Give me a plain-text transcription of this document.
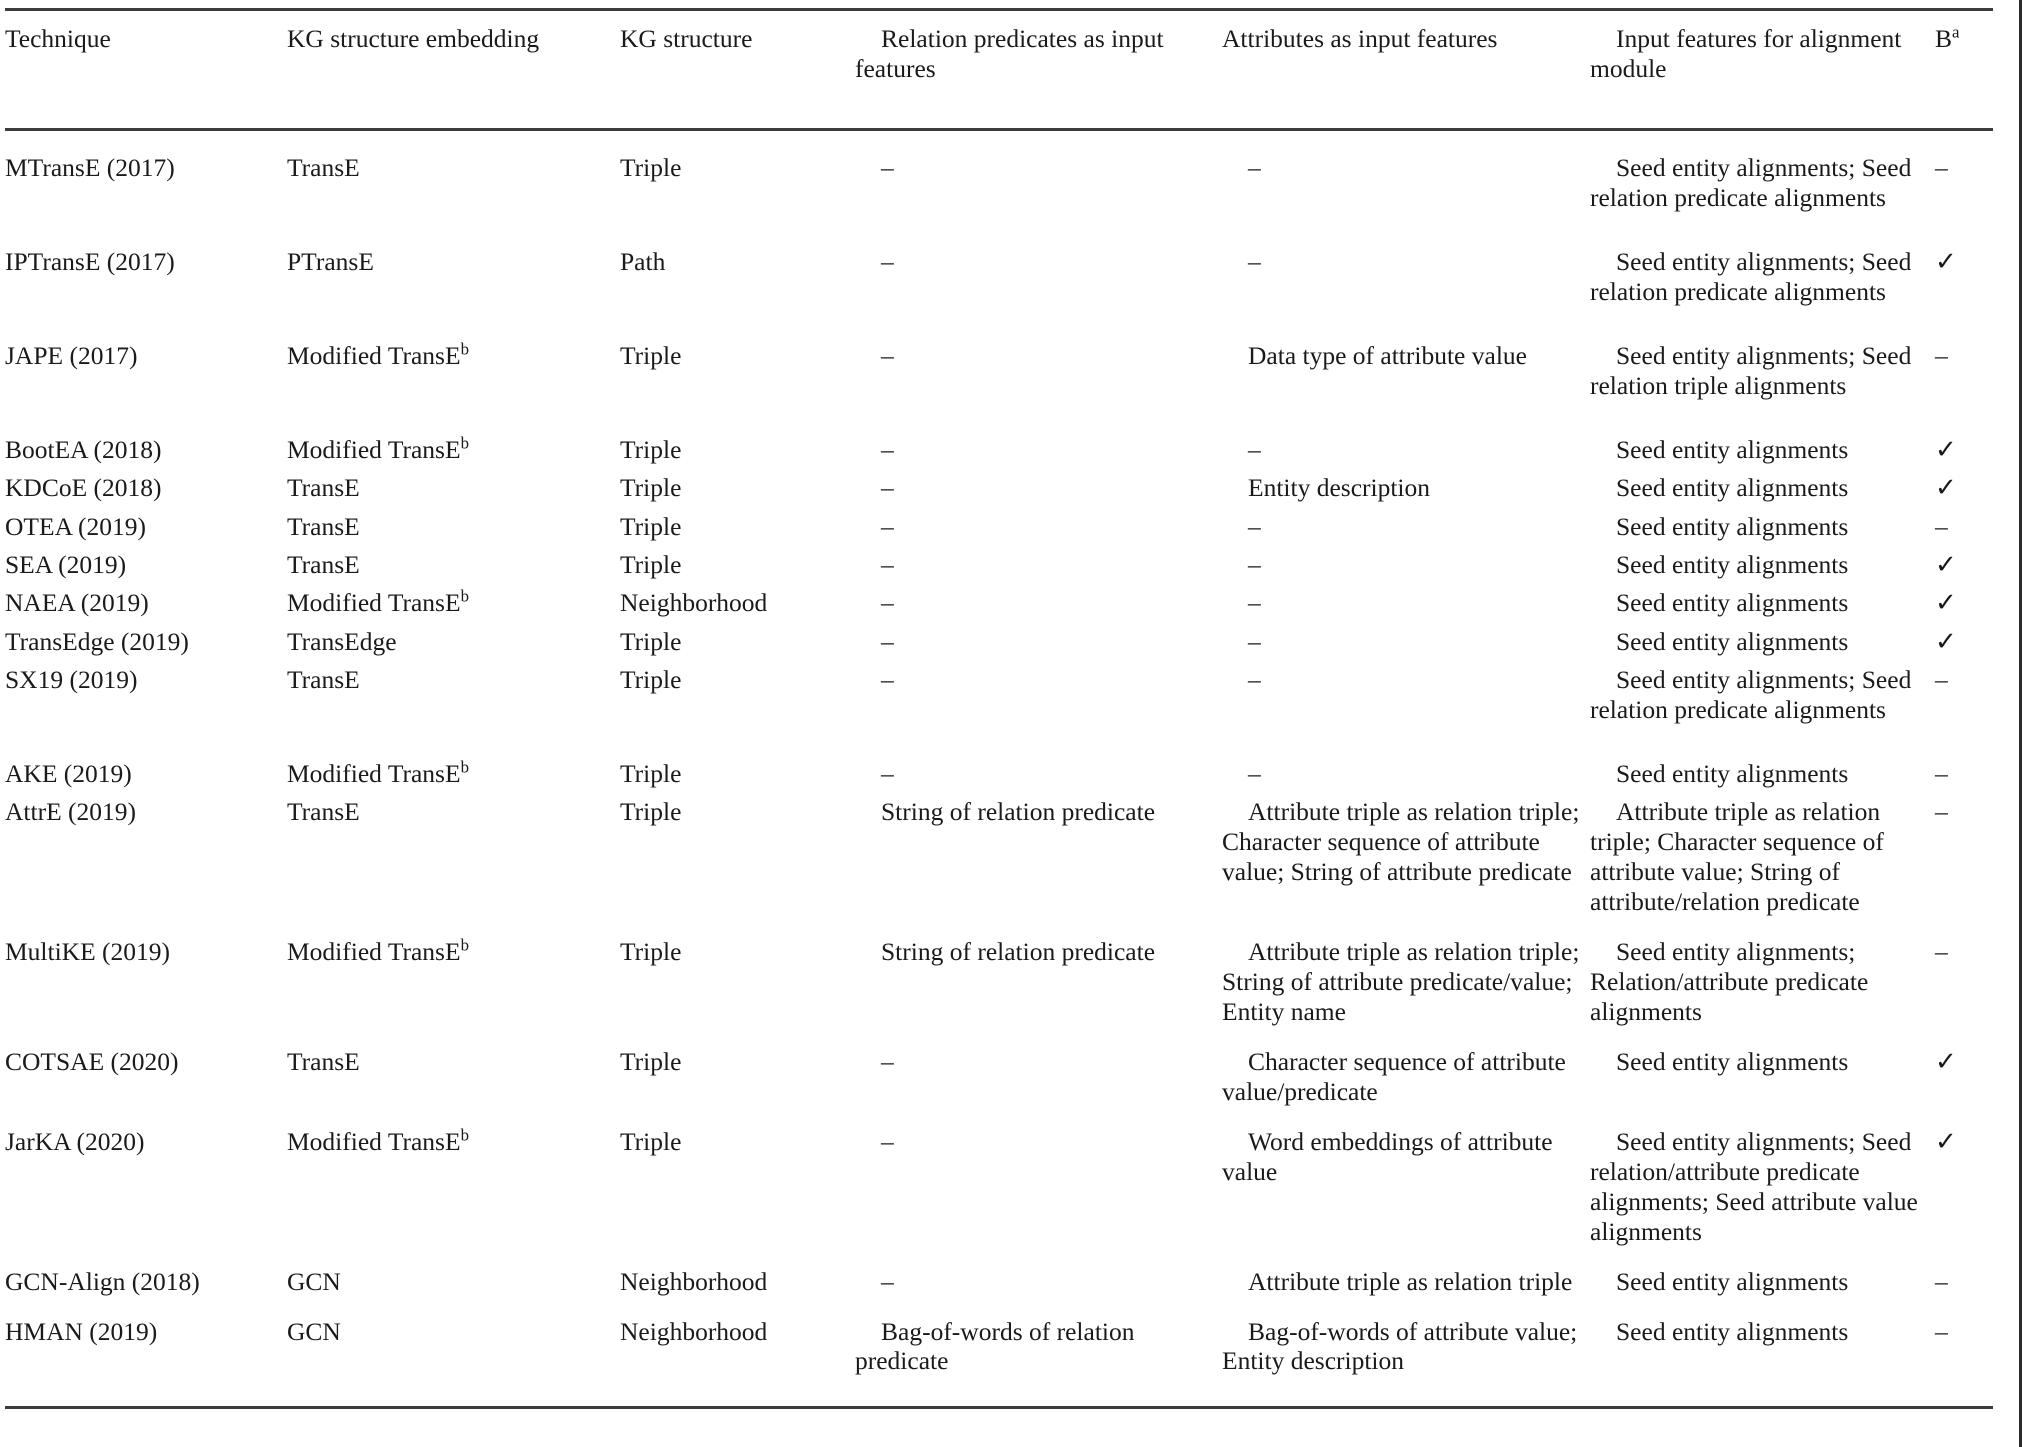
Technique	KG structure embedding	KG structure	Relation predicates as input features	Attributes as input features	Input features for alignment module	$B^a$
MTransE (2017)	TransE	Triple	–	–	Seed entity alignments; Seed relation predicate alignments	–
IPTransE (2017)	PTransE	Path	–	–	Seed entity alignments; Seed relation predicate alignments	✓
JAPE (2017)	Modified TransE$^b$	Triple	–	Data type of attribute value	Seed entity alignments; Seed relation triple alignments	–
BootEA (2018)	Modified TransE$^b$	Triple	–	–	Seed entity alignments	✓
KDCoE (2018)	TransE	Triple	–	Entity description	Seed entity alignments	✓
OTEA (2019)	TransE	Triple	–	–	Seed entity alignments	–
SEA (2019)	TransE	Triple	–	–	Seed entity alignments	✓
NAEA (2019)	Modified TransE$^b$	Neighborhood	–	–	Seed entity alignments	✓
TransEdge (2019)	TransEdge	Triple	–	–	Seed entity alignments	✓
SX19 (2019)	TransE	Triple	–	–	Seed entity alignments; Seed relation predicate alignments	–
AKE (2019)	Modified TransE$^b$	Triple	–	–	Seed entity alignments	–
AttrE (2019)	TransE	Triple	String of relation predicate	Attribute triple as relation triple; Character sequence of attribute value; String of attribute predicate	Attribute triple as relation triple; Character sequence of attribute value; String of attribute/relation predicate	–
MultiKE (2019)	Modified TransE$^b$	Triple	String of relation predicate	Attribute triple as relation triple; String of attribute predicate/value; Entity name	Seed entity alignments; Relation/attribute predicate alignments	–
COTSAE (2020)	TransE	Triple	–	Character sequence of attribute value/predicate	Seed entity alignments	✓
JarKA (2020)	Modified TransE$^b$	Triple	–	Word embeddings of attribute value	Seed entity alignments; Seed relation/attribute predicate alignments; Seed attribute value alignments	✓
GCN-Align (2018)	GCN	Neighborhood	–	Attribute triple as relation triple	Seed entity alignments	–
HMAN (2019)	GCN	Neighborhood	Bag-of-words of relation predicate	Bag-of-words of attribute value; Entity description	Seed entity alignments	–
